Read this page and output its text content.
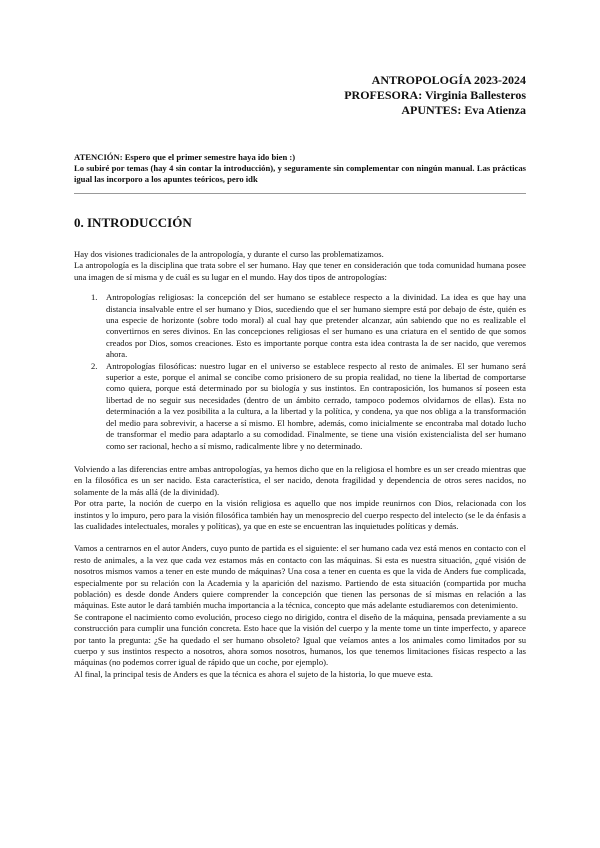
ANTROPOLOGÍA 2023-2024
PROFESORA: Virginia Ballesteros
APUNTES: Eva Atienza
ATENCIÓN: Espero que el primer semestre haya ido bien :)
Lo subiré por temas (hay 4 sin contar la introducción), y seguramente sin complementar con ningún manual. Las prácticas igual las incorporo a los apuntes teóricos, pero idk
0. INTRODUCCIÓN

Hay dos visiones tradicionales de la antropología, y durante el curso las problematizamos.

La antropología es la disciplina que trata sobre el ser humano. Hay que tener en consideración que toda comunidad humana posee una imagen de sí misma y de cuál es su lugar en el mundo. Hay dos tipos de antropologías:

1. Antropologías religiosas: la concepción del ser humano se establece respecto a la divinidad. La idea es que hay una distancia insalvable entre el ser humano y Dios, sucediendo que el ser humano siempre está por debajo de éste, quién es una especie de horizonte (sobre todo moral) al cual hay que pretender alcanzar, aún sabiendo que no es realizable el convertirnos en seres divinos. En las concepciones religiosas el ser humano es una criatura en el sentido de que somos creados por Dios, somos creaciones. Esto es importante porque contra esta idea contrasta la de ser nacido, que veremos ahora.
2. Antropologías filosóficas: nuestro lugar en el universo se establece respecto al resto de animales. El ser humano será superior a este, porque el animal se concibe como prisionero de su propia realidad, no tiene la libertad de comportarse como quiera, porque está determinado por su biología y sus instintos. En contraposición, los humanos sí poseen esta libertad de no seguir sus necesidades (dentro de un ámbito cerrado, tampoco podemos olvidarnos de ellas). Esta no determinación a la vez posibilita a la cultura, a la libertad y la política, y condena, ya que nos obliga a la transformación del medio para sobrevivir, a hacerse a sí mismo. El hombre, además, como inicialmente se encontraba mal dotado lucho de transformar el medio para adaptarlo a su comodidad. Finalmente, se tiene una visión existencialista del ser humano como ser racional, hecho a sí mismo, radicalmente libre y no determinado.

Volviendo a las diferencias entre ambas antropologías, ya hemos dicho que en la religiosa el hombre es un ser creado mientras que en la filosófica es un ser nacido. Esta característica, el ser nacido, denota fragilidad y dependencia de otros seres nacidos, no solamente de la más allá (de la divinidad).

Por otra parte, la noción de cuerpo en la visión religiosa es aquello que nos impide reunirnos con Dios, relacionada con los instintos y lo impuro, pero para la visión filosófica también hay un menosprecio del cuerpo respecto del intelecto (se le da énfasis a las cualidades intelectuales, morales y políticas), ya que en este se encuentran las inquietudes políticas y demás.

Vamos a centrarnos en el autor Anders, cuyo punto de partida es el siguiente: el ser humano cada vez está menos en contacto con el resto de animales, a la vez que cada vez estamos más en contacto con las máquinas. Si esta es nuestra situación, ¿qué visión de nosotros mismos vamos a tener en este mundo de máquinas? Una cosa a tener en cuenta es que la vida de Anders fue complicada, especialmente por su relación con la Academia y la aparición del nazismo. Partiendo de esta situación (compartida por mucha población) es desde donde Anders quiere comprender la concepción que tienen las personas de sí mismas en relación a las máquinas. Este autor le dará también mucha importancia a la técnica, concepto que más adelante estudiaremos con detenimiento.

Se contrapone el nacimiento como evolución, proceso ciego no dirigido, contra el diseño de la máquina, pensada previamente a su construcción para cumplir una función concreta. Esto hace que la visión del cuerpo y la mente tome un tinte imperfecto, y aparece por tanto la pregunta: ¿Se ha quedado el ser humano obsoleto? Igual que veíamos antes a los animales como limitados por su cuerpo y sus instintos respecto a nosotros, ahora somos nosotros, humanos, los que tenemos limitaciones físicas respecto a las máquinas (no podemos correr igual de rápido que un coche, por ejemplo).

Al final, la principal tesis de Anders es que la técnica es ahora el sujeto de la historia, lo que mueve esta.
